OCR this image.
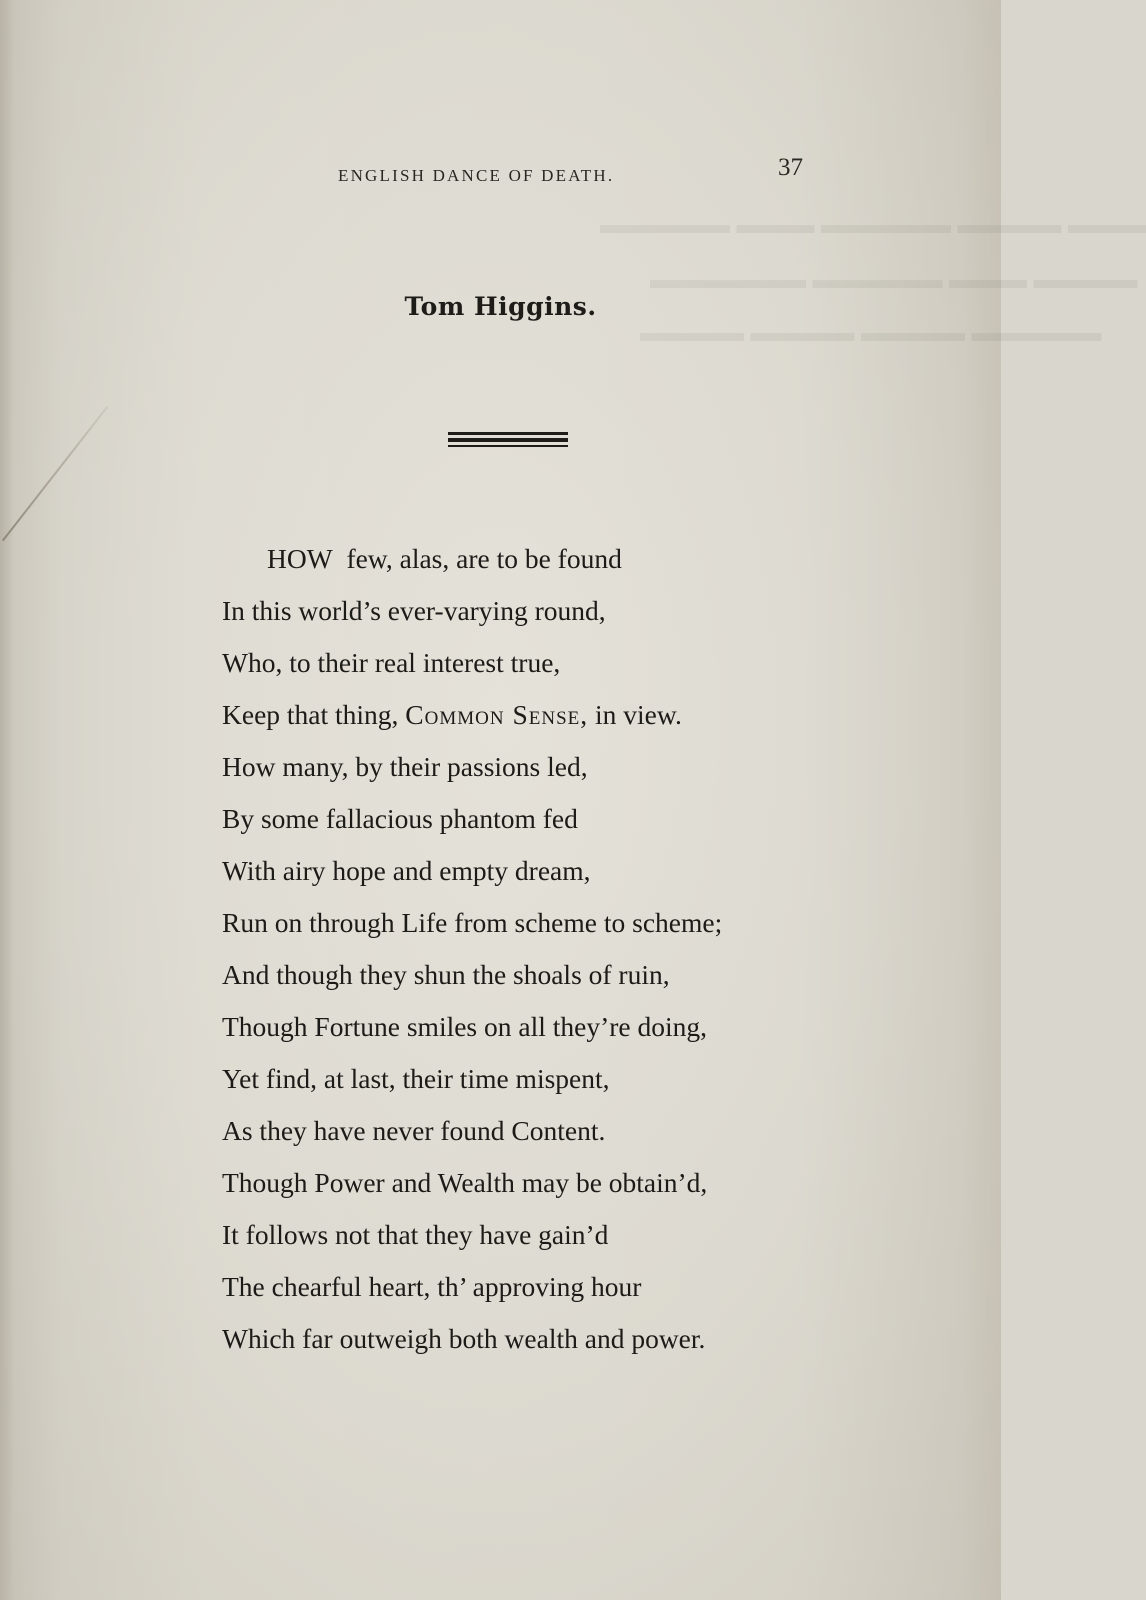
▬▬▬ ▬▬▬▬ ▬▬▬▬▬ ▬▬▬ ▬▬▬▬▬
▬▬▬▬ ▬▬▬ ▬▬▬▬▬ ▬▬▬▬▬▬
▬▬▬▬▬ ▬▬▬▬ ▬▬▬▬ ▬▬▬▬
ENGLISH DANCE OF DEATH.	37
Tom Higgins.
HOW few, alas, are to be found
In this world’s ever-varying round,
Who, to their real interest true,
Keep that thing, Common Sense, in view.
How many, by their passions led,
By some fallacious phantom fed
With airy hope and empty dream,
Run on through Life from scheme to scheme;
And though they shun the shoals of ruin,
Though Fortune smiles on all they’re doing,
Yet find, at last, their time mispent,
As they have never found Content.
Though Power and Wealth may be obtain’d,
It follows not that they have gain’d
The chearful heart, th’ approving hour
Which far outweigh both wealth and power.
